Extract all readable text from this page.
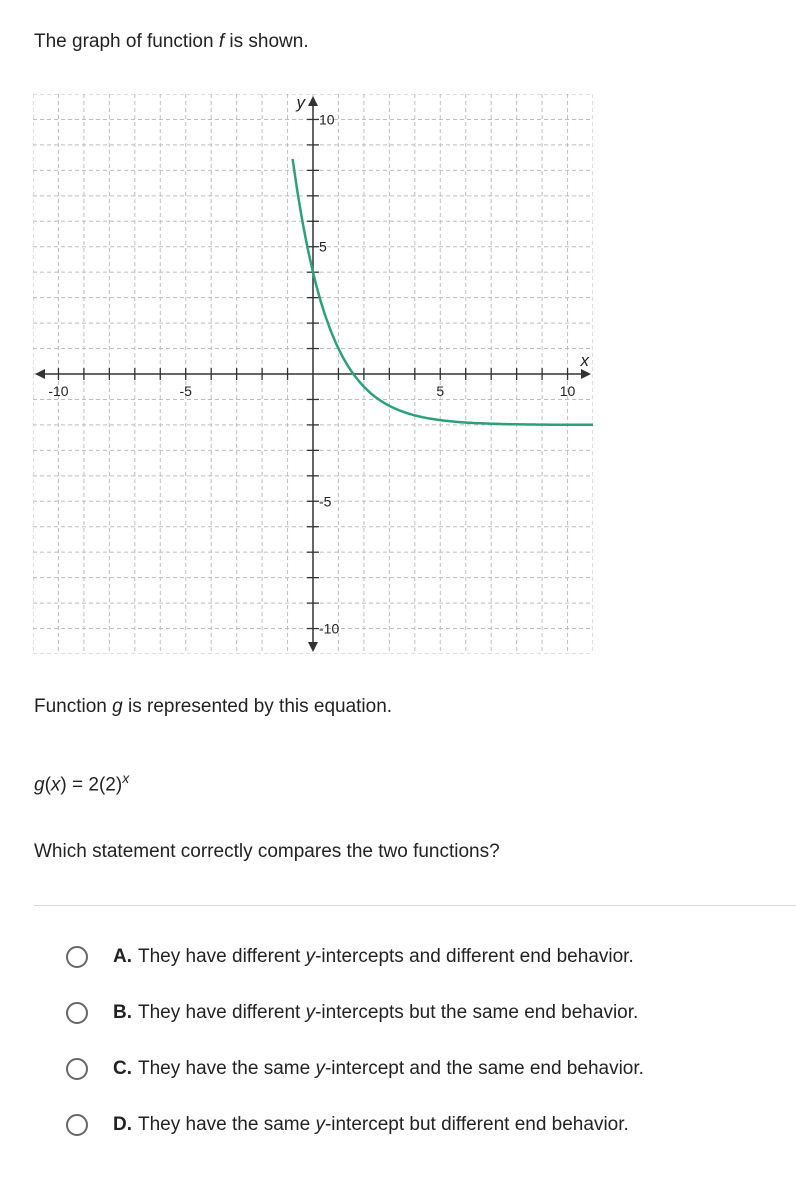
The graph of function f is shown.
-10	-5	5	10
10
5
-5
-10
x
y
Function g is represented by this equation.
$g(x) = 2(2)^x$
Which statement correctly compares the two functions?
A. They have different y-intercepts and different end behavior.
B. They have different y-intercepts but the same end behavior.
C. They have the same y-intercept and the same end behavior.
D. They have the same y-intercept but different end behavior.
